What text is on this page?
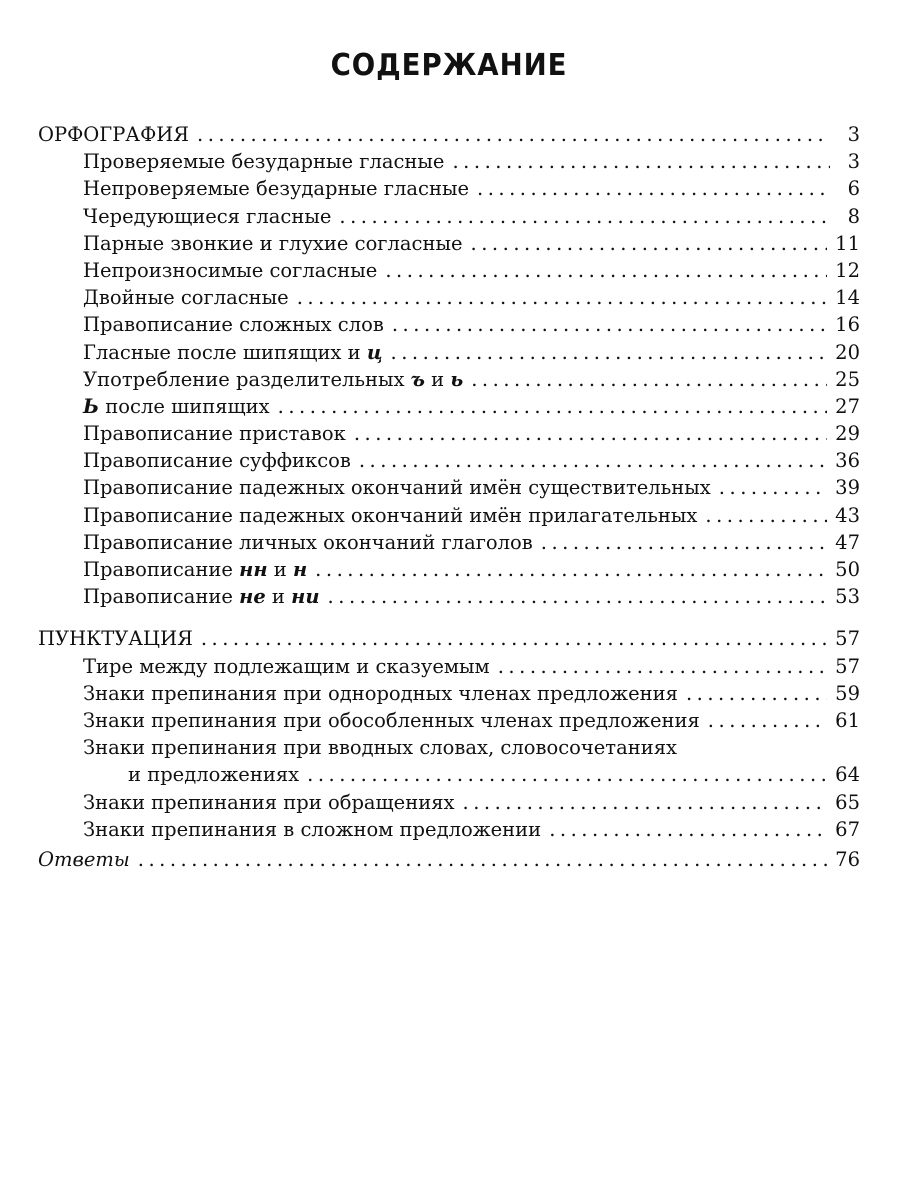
СОДЕРЖАНИЕ
ОРФОГРАФИЯ .....	3
Проверяемые безударные гласные .....	3
Непроверяемые безударные гласные .....	6
Чередующиеся гласные .....	8
Парные звонкие и глухие согласные .....	11
Непроизносимые согласные .....	12
Двойные согласные .....	14
Правописание сложных слов .....	16
Гласные после шипящих и ц .....	20
Употребление разделительных ъ и ь .....	25
Ь после шипящих .....	27
Правописание приставок .....	29
Правописание суффиксов .....	36
Правописание падежных окончаний имён существительных .....	39
Правописание падежных окончаний имён прилагательных .....	43
Правописание личных окончаний глаголов .....	47
Правописание нн и н .....	50
Правописание не и ни .....	53
ПУНКТУАЦИЯ .....	57
Тире между подлежащим и сказуемым .....	57
Знаки препинания при однородных членах предложения .....	59
Знаки препинания при обособленных членах предложения .....	61
Знаки препинания при вводных словах, словосочетаниях
и предложениях .....	64
Знаки препинания при обращениях .....	65
Знаки препинания в сложном предложении .....	67
Ответы .....	76
